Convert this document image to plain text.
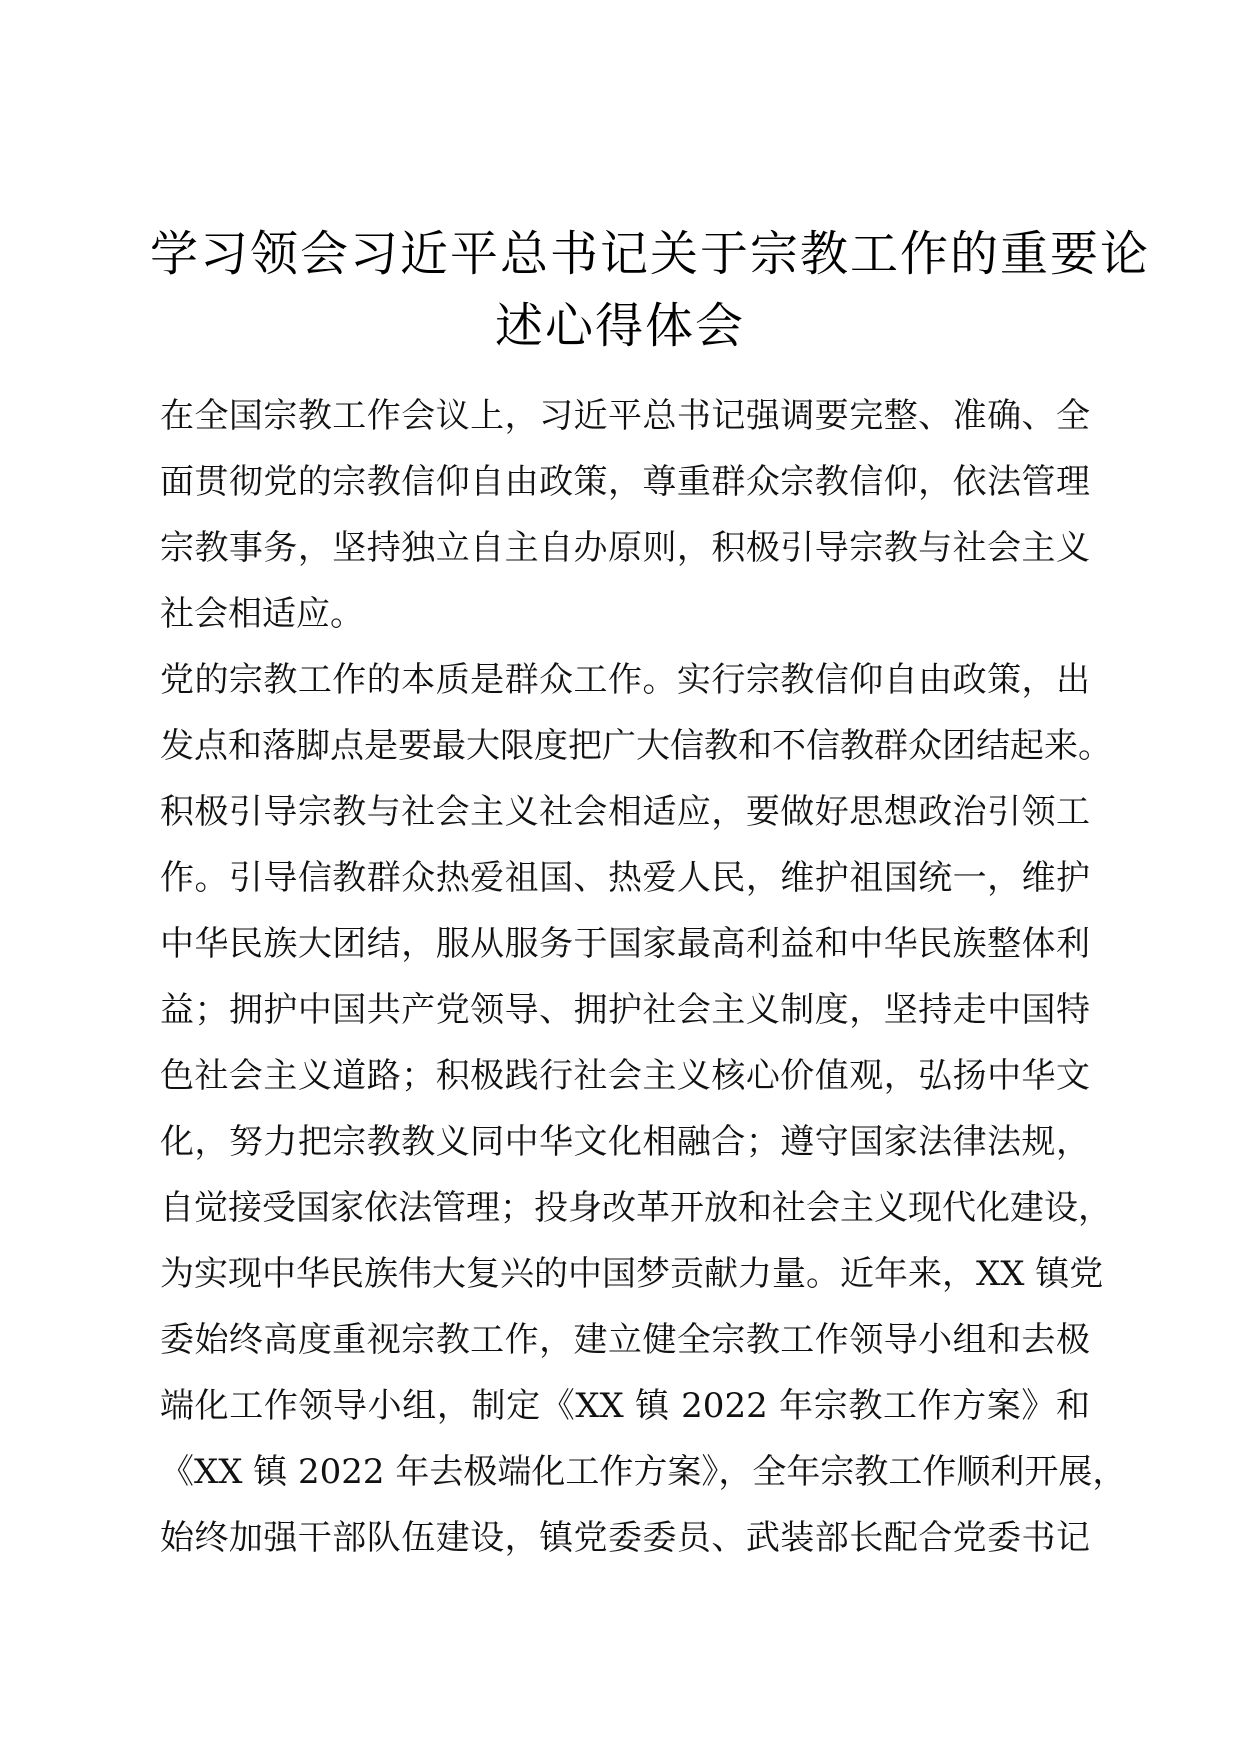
学习领会习近平总书记关于宗教工作的重要论
述心得体会
在全国宗教工作会议上，习近平总书记强调要完整、准确、全
面贯彻党的宗教信仰自由政策，尊重群众宗教信仰，依法管理
宗教事务，坚持独立自主自办原则，积极引导宗教与社会主义
社会相适应。
党的宗教工作的本质是群众工作。实行宗教信仰自由政策，出
发点和落脚点是要最大限度把广大信教和不信教群众团结起来。
积极引导宗教与社会主义社会相适应，要做好思想政治引领工
作。引导信教群众热爱祖国、热爱人民，维护祖国统一，维护
中华民族大团结，服从服务于国家最高利益和中华民族整体利
益；拥护中国共产党领导、拥护社会主义制度，坚持走中国特
色社会主义道路；积极践行社会主义核心价值观，弘扬中华文
化，努力把宗教教义同中华文化相融合；遵守国家法律法规，
自觉接受国家依法管理；投身改革开放和社会主义现代化建设，
为实现中华民族伟大复兴的中国梦贡献力量。近年来，XX 镇党
委始终高度重视宗教工作，建立健全宗教工作领导小组和去极
端化工作领导小组，制定《XX 镇 2022 年宗教工作方案》和
《XX 镇 2022 年去极端化工作方案》，全年宗教工作顺利开展，
始终加强干部队伍建设，镇党委委员、武装部长配合党委书记
